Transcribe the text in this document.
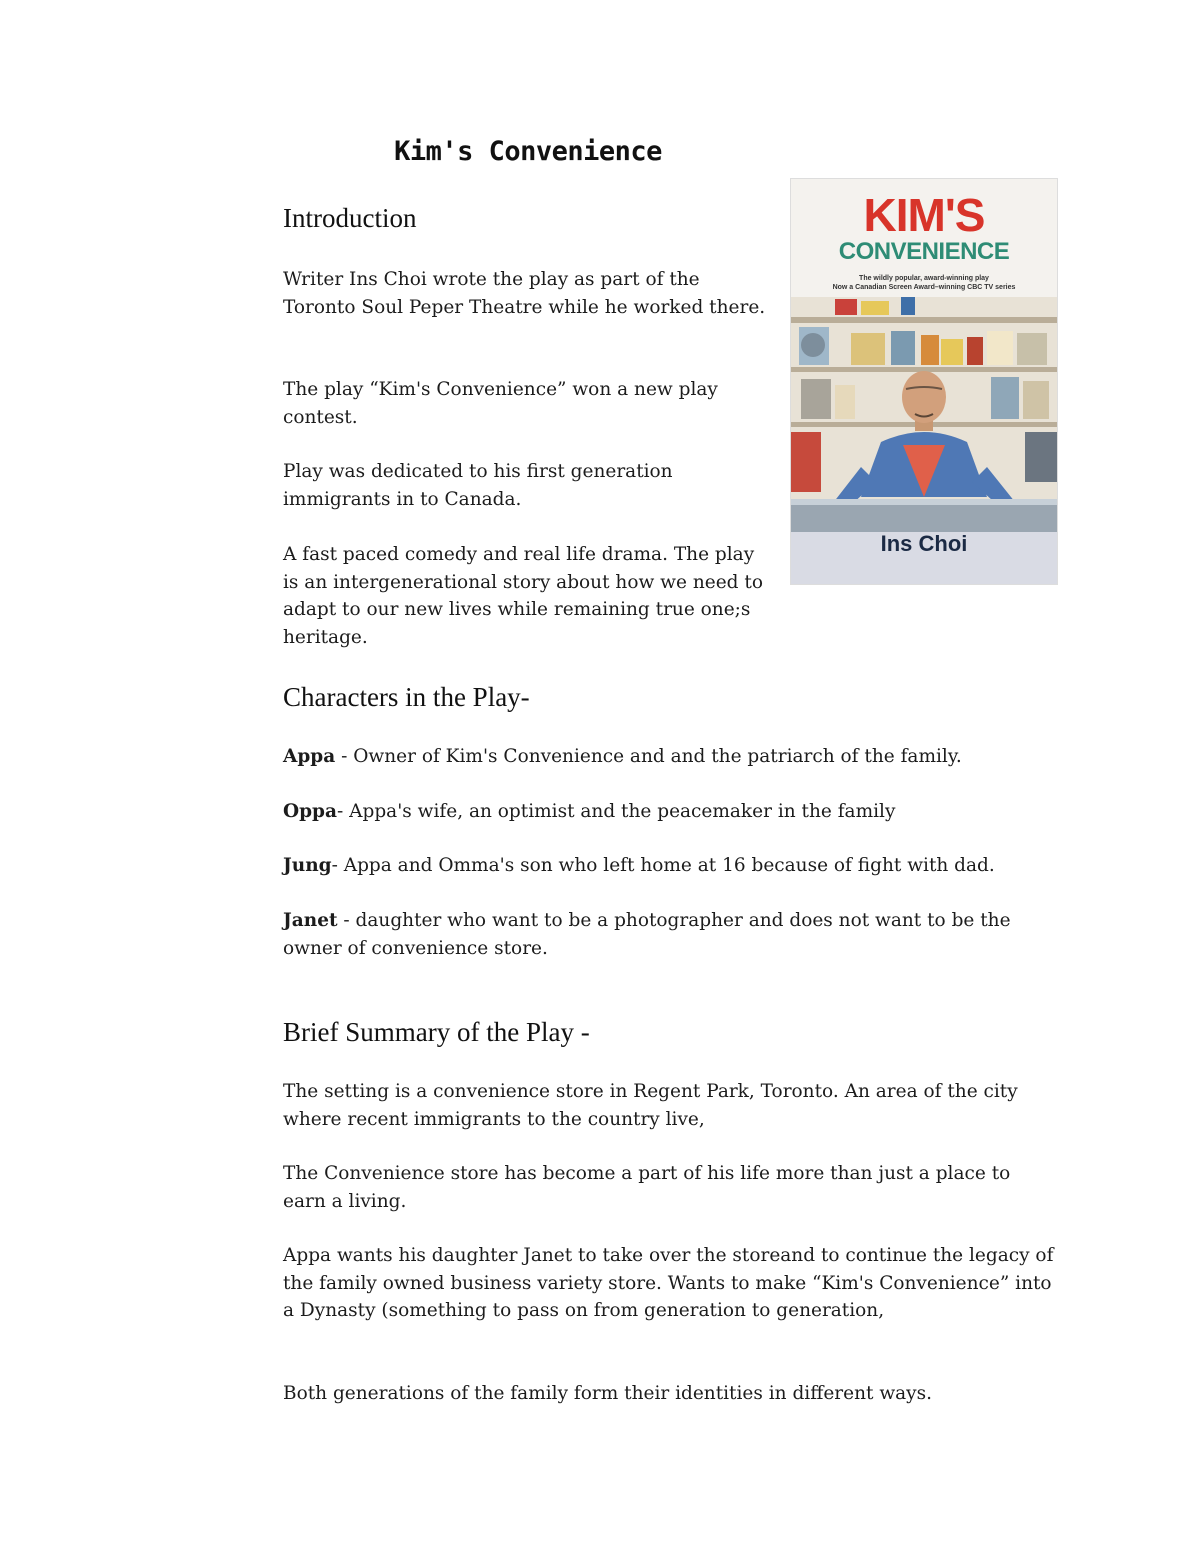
Kim's Convenience
KIM'S
CONVENIENCE
The wildly popular, award-winning play
Now a Canadian Screen Award–winning CBC TV series
Ins Choi
Introduction

Writer Ins Choi wrote the play as part of the Toronto Soul Peper Theatre while he worked there.

The play “Kim's Convenience” won a new play contest.

Play was dedicated to his first generation immigrants in to Canada.

A fast paced comedy and real life drama. The play is an intergenerational story about how we need to adapt to our new lives while remaining true one;s heritage.

Characters in the Play-

Appa - Owner of Kim's Convenience and and the patriarch of the family.

Oppa- Appa's wife, an optimist and the peacemaker in the family

Jung- Appa and Omma's son who left home at 16 because of fight with dad.

Janet - daughter who want to be a photographer and does not want to be the owner of convenience store.

Brief Summary of the Play -

The setting is a convenience store in Regent Park, Toronto. An area of the city where recent immigrants to the country live,

The Convenience store has become a part of his life more than just a place to earn a living.

Appa wants his daughter Janet to take over the storeand to continue the legacy of the family owned business variety store. Wants to make “Kim's Convenience” into a Dynasty (something to pass on from generation to generation,

Both generations of the family form their identities in different ways.
